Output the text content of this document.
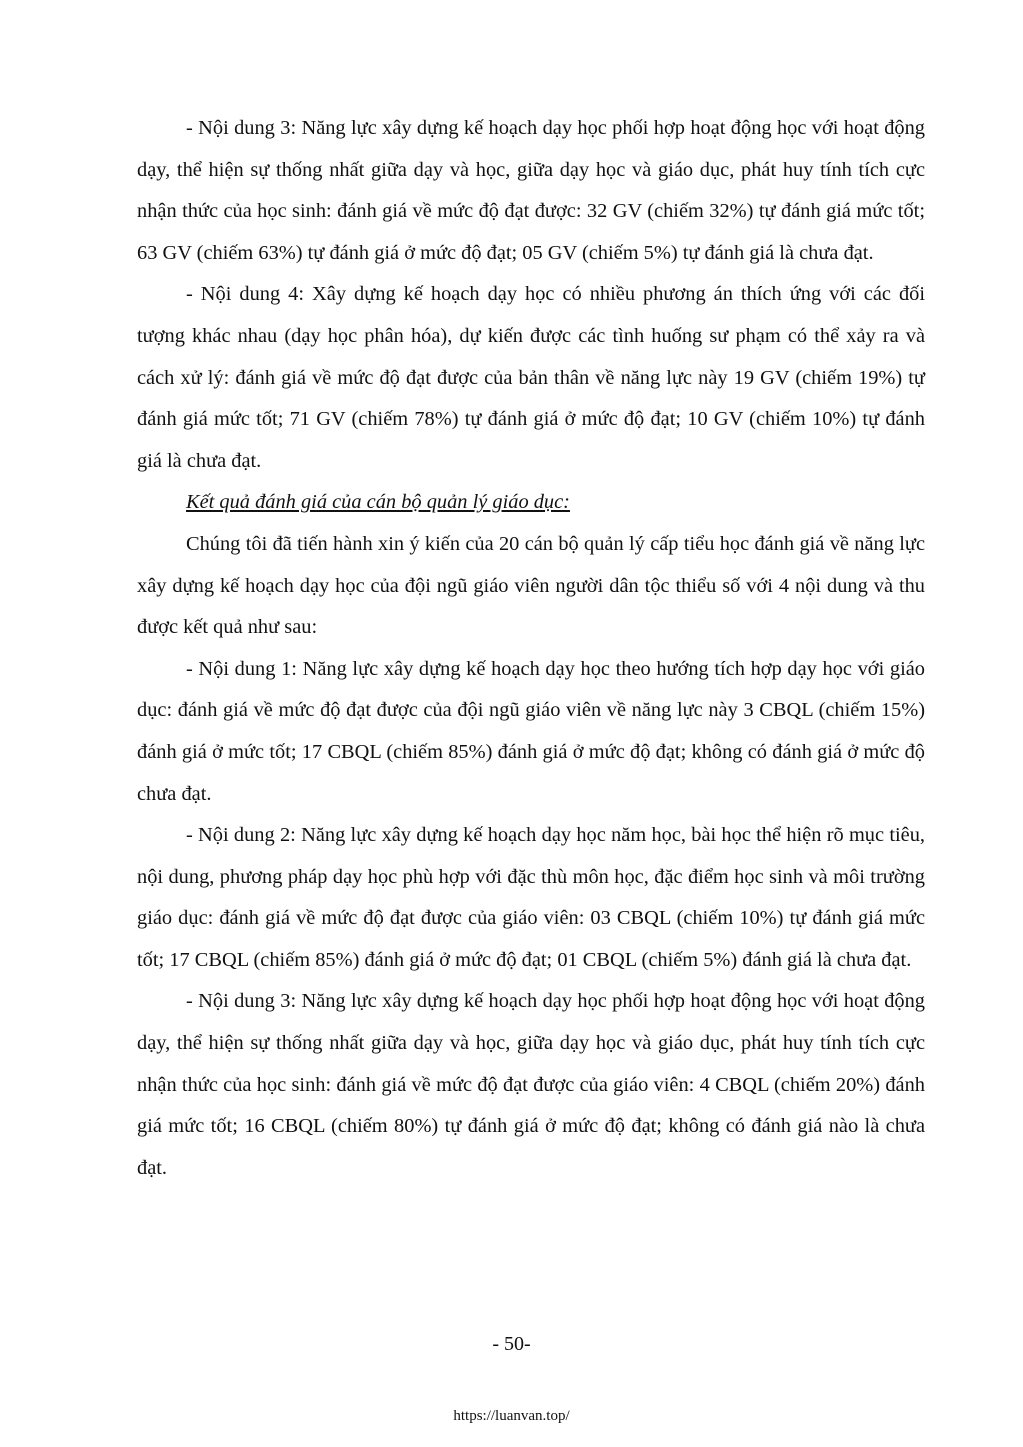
- Nội dung 3: Năng lực xây dựng kế hoạch dạy học phối hợp hoạt động học với hoạt động dạy, thể hiện sự thống nhất giữa dạy và học, giữa dạy học và giáo dục, phát huy tính tích cực nhận thức của học sinh: đánh giá về mức độ đạt được: 32 GV (chiếm 32%) tự đánh giá mức tốt; 63 GV (chiếm 63%) tự đánh giá ở mức độ đạt; 05 GV (chiếm 5%) tự đánh giá là chưa đạt.

- Nội dung 4: Xây dựng kế hoạch dạy học có nhiều phương án thích ứng với các đối tượng khác nhau (dạy học phân hóa), dự kiến được các tình huống sư phạm có thể xảy ra và cách xử lý: đánh giá về mức độ đạt được của bản thân về năng lực này 19 GV (chiếm 19%) tự đánh giá mức tốt; 71 GV (chiếm 78%) tự đánh giá ở mức độ đạt; 10 GV (chiếm 10%) tự đánh giá là chưa đạt.

Kết quả đánh giá của cán bộ quản lý giáo dục:

Chúng tôi đã tiến hành xin ý kiến của 20 cán bộ quản lý cấp tiểu học đánh giá về năng lực xây dựng kế hoạch dạy học của đội ngũ giáo viên người dân tộc thiểu số với 4 nội dung và thu được kết quả như sau:

- Nội dung 1: Năng lực xây dựng kế hoạch dạy học theo hướng tích hợp dạy học với giáo dục: đánh giá về mức độ đạt được của đội ngũ giáo viên về năng lực này 3 CBQL (chiếm 15%) đánh giá ở mức tốt; 17 CBQL (chiếm 85%) đánh giá ở mức độ đạt; không có đánh giá ở mức độ chưa đạt.

- Nội dung 2: Năng lực xây dựng kế hoạch dạy học năm học, bài học thể hiện rõ mục tiêu, nội dung, phương pháp dạy học phù hợp với đặc thù môn học, đặc điểm học sinh và môi trường giáo dục: đánh giá về mức độ đạt được của giáo viên: 03 CBQL (chiếm 10%) tự đánh giá mức tốt; 17 CBQL (chiếm 85%) đánh giá ở mức độ đạt; 01 CBQL (chiếm 5%) đánh giá là chưa đạt.

- Nội dung 3: Năng lực xây dựng kế hoạch dạy học phối hợp hoạt động học với hoạt động dạy, thể hiện sự thống nhất giữa dạy và học, giữa dạy học và giáo dục, phát huy tính tích cực nhận thức của học sinh: đánh giá về mức độ đạt được của giáo viên: 4 CBQL (chiếm 20%) đánh giá mức tốt; 16 CBQL (chiếm 80%) tự đánh giá ở mức độ đạt; không có đánh giá nào là chưa đạt.

- 50-
https://luanvan.top/
